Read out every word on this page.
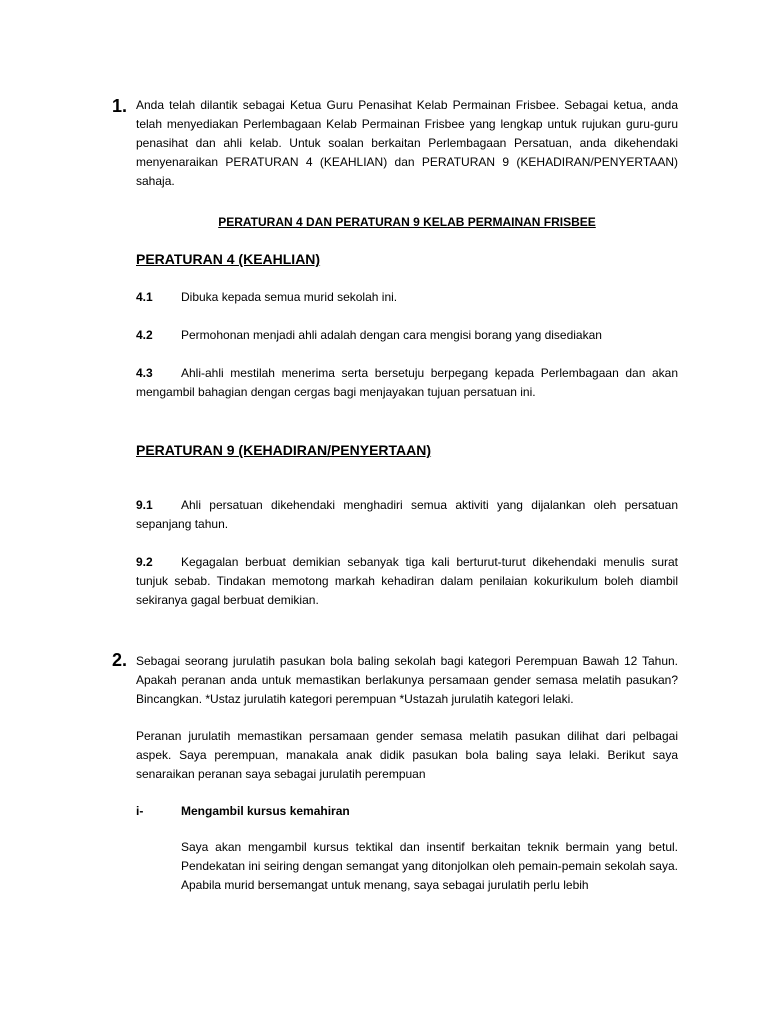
1. Anda telah dilantik sebagai Ketua Guru Penasihat Kelab Permainan Frisbee. Sebagai ketua, anda telah menyediakan Perlembagaan Kelab Permainan Frisbee yang lengkap untuk rujukan guru-guru penasihat dan ahli kelab. Untuk soalan berkaitan Perlembagaan Persatuan, anda dikehendaki menyenaraikan PERATURAN 4 (KEAHLIAN) dan PERATURAN 9 (KEHADIRAN/PENYERTAAN) sahaja.
PERATURAN 4 DAN PERATURAN 9 KELAB PERMAINAN FRISBEE
PERATURAN 4 (KEAHLIAN)
4.1 Dibuka kepada semua murid sekolah ini.
4.2 Permohonan menjadi ahli adalah dengan cara mengisi borang yang disediakan
4.3 Ahli-ahli mestilah menerima serta bersetuju berpegang kepada Perlembagaan dan akan mengambil bahagian dengan cergas bagi menjayakan tujuan persatuan ini.
PERATURAN 9 (KEHADIRAN/PENYERTAAN)
9.1 Ahli persatuan dikehendaki menghadiri semua aktiviti yang dijalankan oleh persatuan sepanjang tahun.
9.2 Kegagalan berbuat demikian sebanyak tiga kali berturut-turut dikehendaki menulis surat tunjuk sebab. Tindakan memotong markah kehadiran dalam penilaian kokurikulum boleh diambil sekiranya gagal berbuat demikian.
2. Sebagai seorang jurulatih pasukan bola baling sekolah bagi kategori Perempuan Bawah 12 Tahun. Apakah peranan anda untuk memastikan berlakunya persamaan gender semasa melatih pasukan? Bincangkan. *Ustaz jurulatih kategori perempuan *Ustazah jurulatih kategori lelaki.
Peranan jurulatih memastikan persamaan gender semasa melatih pasukan dilihat dari pelbagai aspek. Saya perempuan, manakala anak didik pasukan bola baling saya lelaki. Berikut saya senaraikan peranan saya sebagai jurulatih perempuan
i-	Mengambil kursus kemahiran
Saya akan mengambil kursus tektikal dan insentif berkaitan teknik bermain yang betul. Pendekatan ini seiring dengan semangat yang ditonjolkan oleh pemain-pemain sekolah saya. Apabila murid bersemangat untuk menang, saya sebagai jurulatih perlu lebih
